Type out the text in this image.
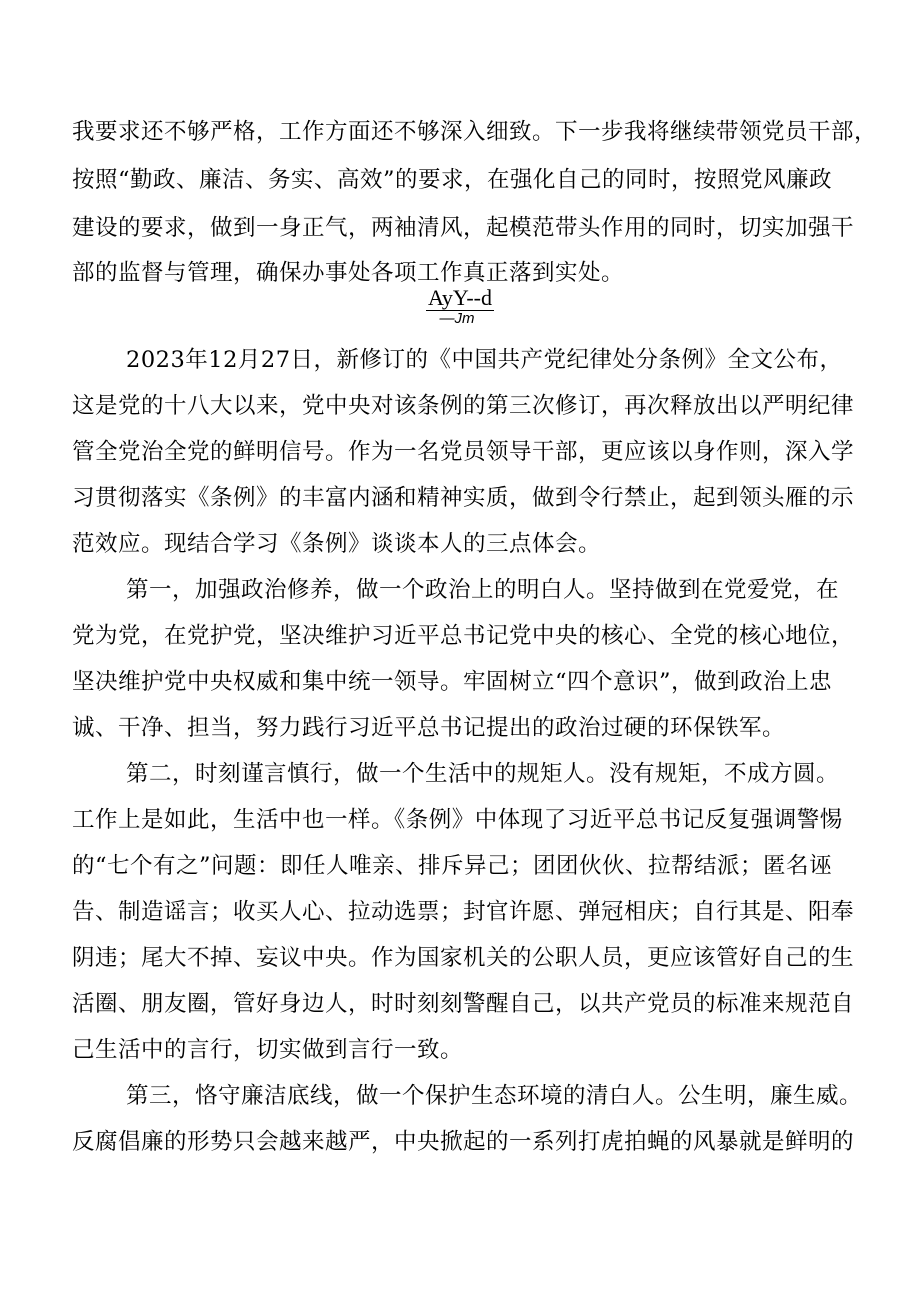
我要求还不够严格，工作方面还不够深入细致。下一步我将继续带领党员干部，
按照“勤政、廉洁、务实、高效”的要求，在强化自己的同时，按照党风廉政
建设的要求，做到一身正气，两袖清风，起模范带头作用的同时，切实加强干
部的监督与管理，确保办事处各项工作真正落到实处。
AyY--d
—Jm
2023年12月27日，新修订的《中国共产党纪律处分条例》全文公布，
这是党的十八大以来，党中央对该条例的第三次修订，再次释放出以严明纪律
管全党治全党的鲜明信号。作为一名党员领导干部，更应该以身作则，深入学
习贯彻落实《条例》的丰富内涵和精神实质，做到令行禁止，起到领头雁的示
范效应。现结合学习《条例》谈谈本人的三点体会。
第一，加强政治修养，做一个政治上的明白人。坚持做到在党爱党，在
党为党，在党护党，坚决维护习近平总书记党中央的核心、全党的核心地位，
坚决维护党中央权威和集中统一领导。牢固树立“四个意识”，做到政治上忠
诚、干净、担当，努力践行习近平总书记提出的政治过硬的环保铁军。
第二，时刻谨言慎行，做一个生活中的规矩人。没有规矩，不成方圆。
工作上是如此，生活中也一样。《条例》中体现了习近平总书记反复强调警惕
的“七个有之”问题：即任人唯亲、排斥异己；团团伙伙、拉帮结派；匿名诬
告、制造谣言；收买人心、拉动选票；封官许愿、弹冠相庆；自行其是、阳奉
阴违；尾大不掉、妄议中央。作为国家机关的公职人员，更应该管好自己的生
活圈、朋友圈，管好身边人，时时刻刻警醒自己，以共产党员的标准来规范自
己生活中的言行，切实做到言行一致。
第三，恪守廉洁底线，做一个保护生态环境的清白人。公生明，廉生威。
反腐倡廉的形势只会越来越严，中央掀起的一系列打虎拍蝇的风暴就是鲜明的
